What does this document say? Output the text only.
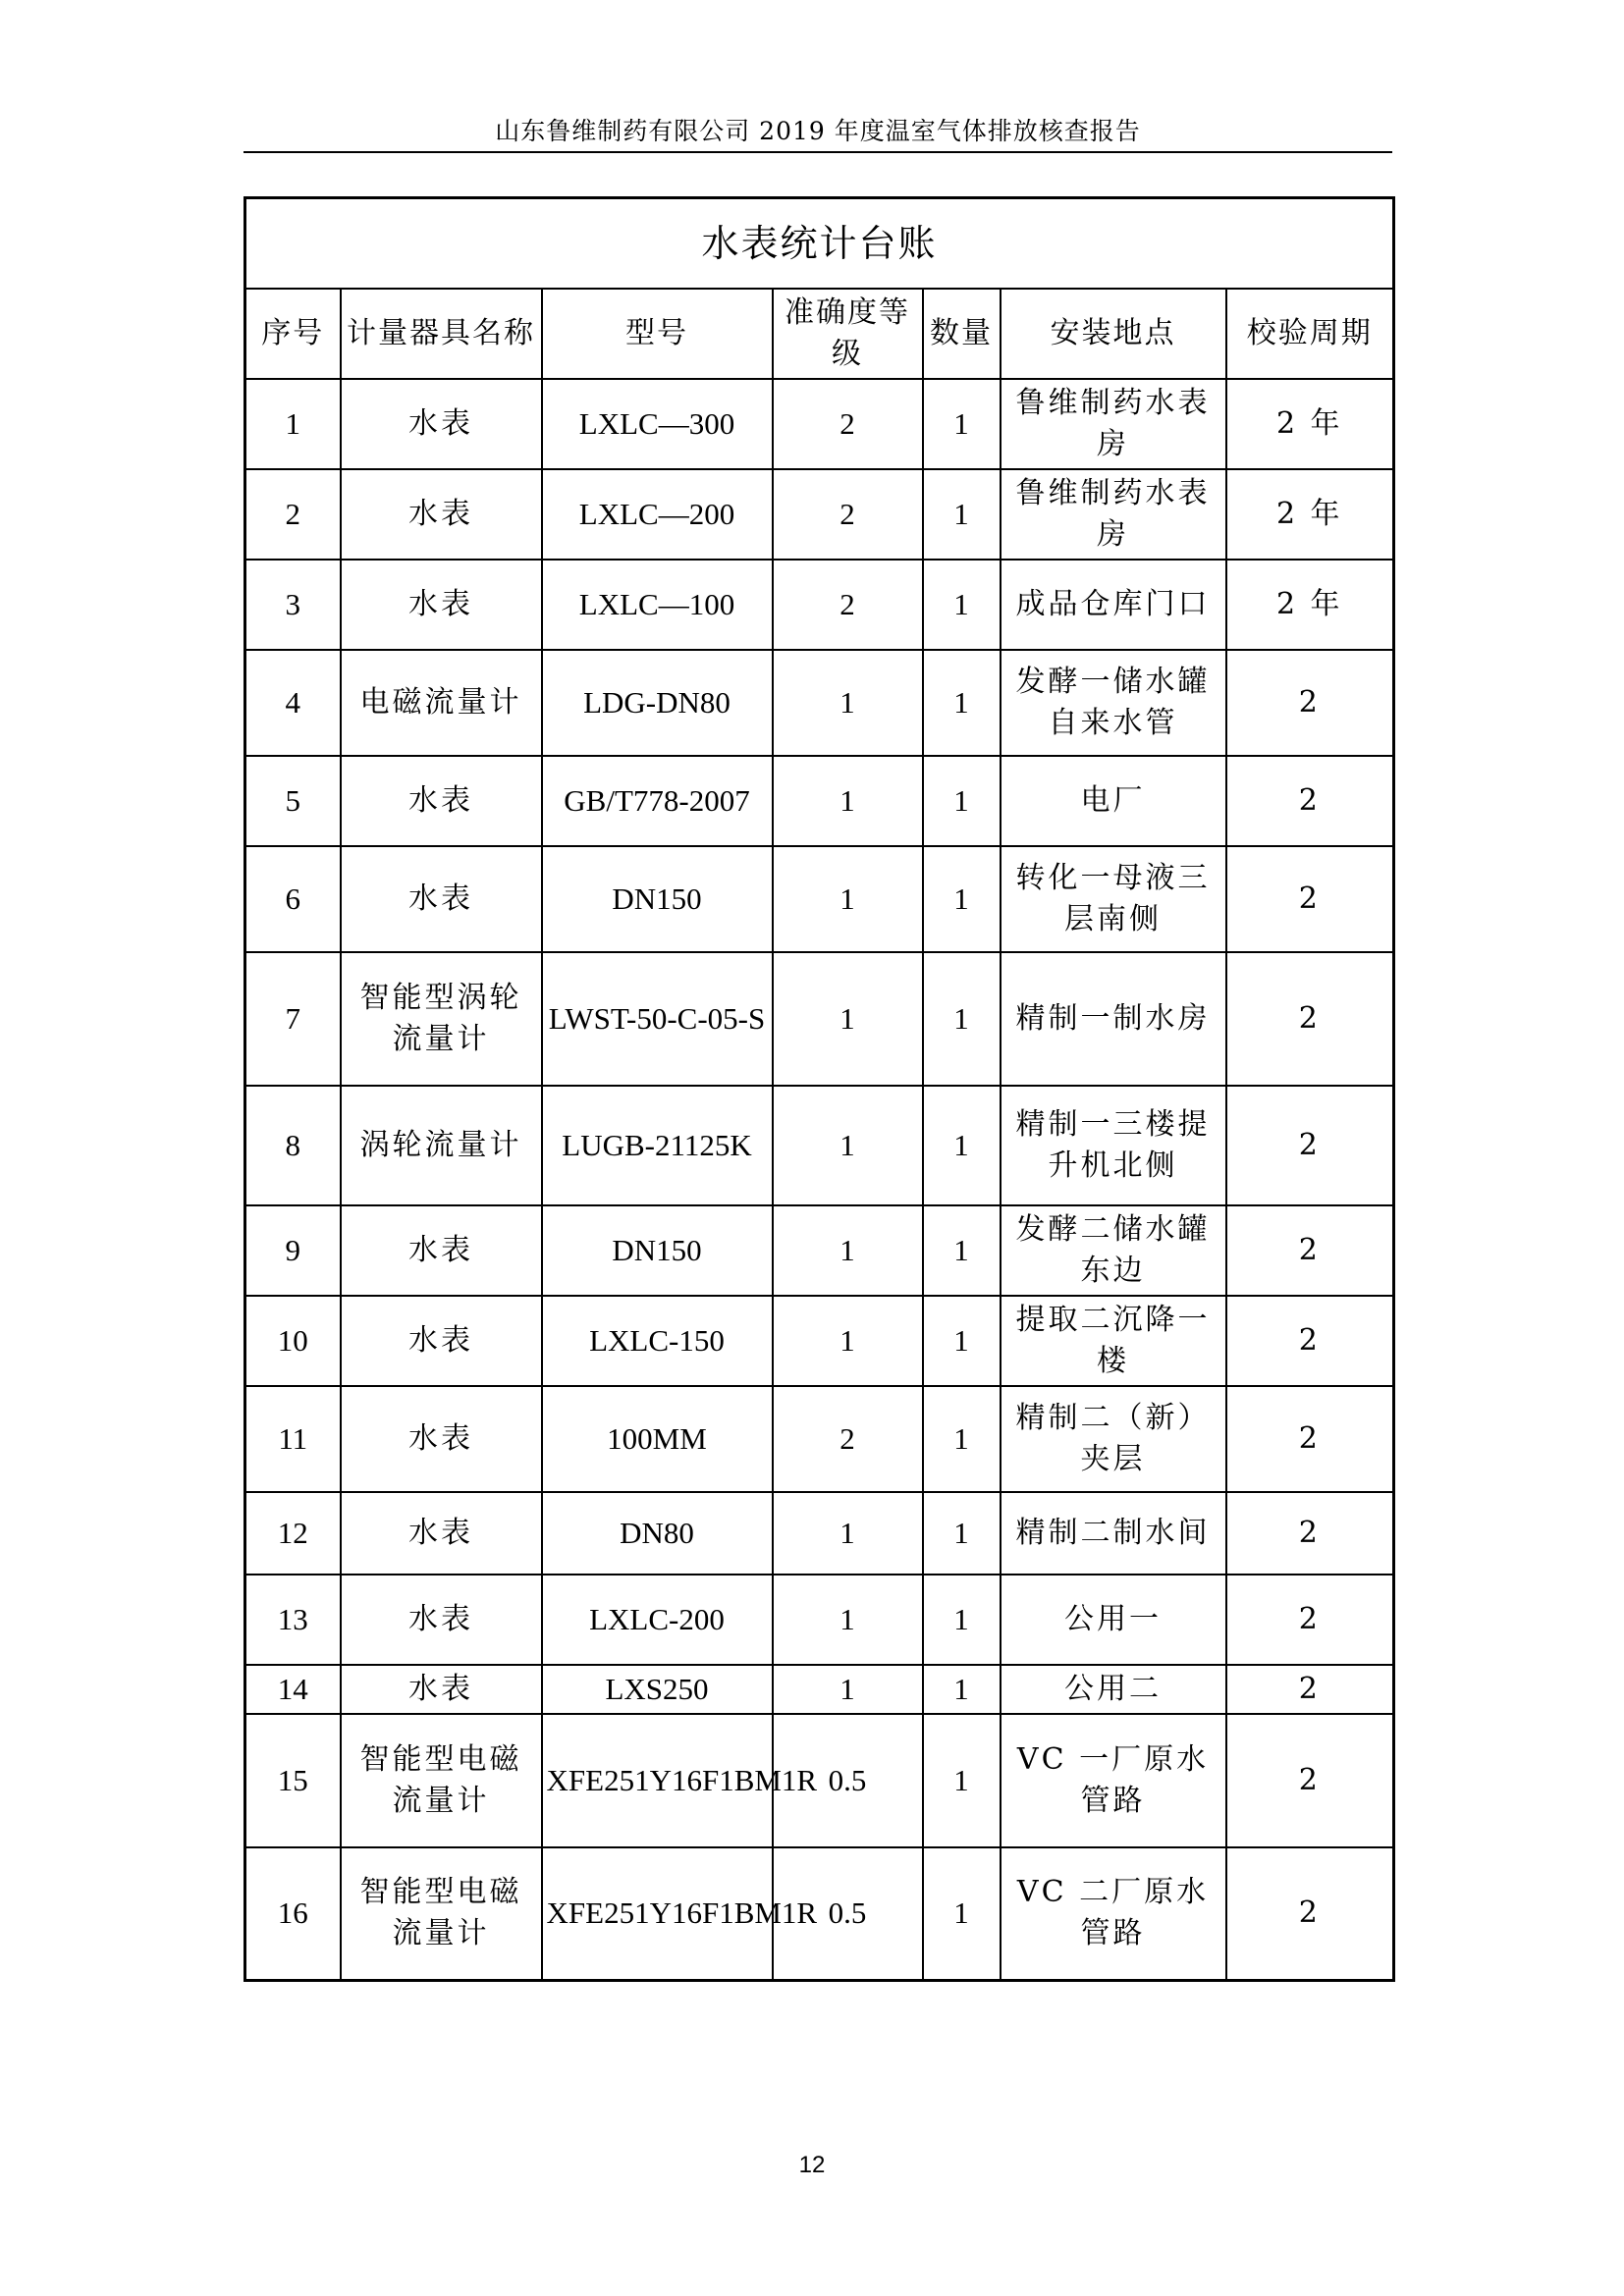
山东鲁维制药有限公司 2019 年度温室气体排放核查报告
水表统计台账						
序号	计量器具名称	型号	准确度等级	数量	安装地点	校验周期
1	水表	LXLC—300	2	1	鲁维制药水表房	2 年
2	水表	LXLC—200	2	1	鲁维制药水表房	2 年
3	水表	LXLC—100	2	1	成品仓库门口	2 年
4	电磁流量计	LDG-DN80	1	1	发酵一储水罐自来水管	2
5	水表	GB/T778-2007	1	1	电厂	2
6	水表	DN150	1	1	转化一母液三层南侧	2
7	智能型涡轮流量计	LWST-50-C-05-S	1	1	精制一制水房	2
8	涡轮流量计	LUGB-21125K	1	1	精制一三楼提升机北侧	2
9	水表	DN150	1	1	发酵二储水罐东边	2
10	水表	LXLC-150	1	1	提取二沉降一楼	2
11	水表	100MM	2	1	精制二（新）夹层	2
12	水表	DN80	1	1	精制二制水间	2
13	水表	LXLC-200	1	1	公用一	2
14	水表	LXS250	1	1	公用二	2
15	智能型电磁流量计	XFE251Y16F1BM1R	0.5	1	VC 一厂原水管路	2
16	智能型电磁流量计	XFE251Y16F1BM1R	0.5	1	VC 二厂原水管路	2
12
